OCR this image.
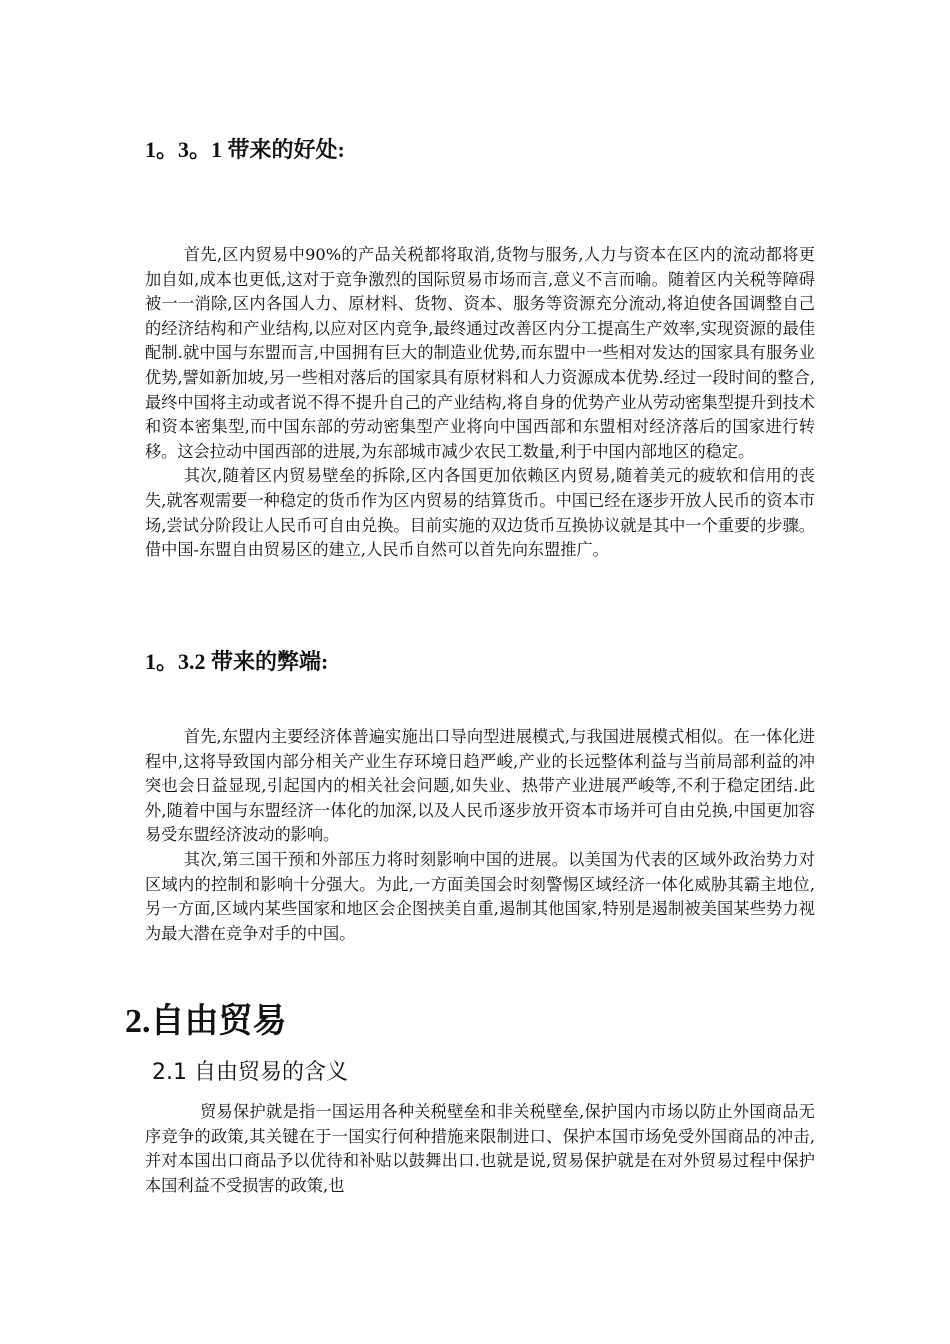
1。3。1 带来的好处:

首先,区内贸易中90%的产品关税都将取消,货物与服务,人力与资本在区内的流动都将更加自如,成本也更低,这对于竞争激烈的国际贸易市场而言,意义不言而喻。随着区内关税等障碍被一一消除,区内各国人力、原材料、货物、资本、服务等资源充分流动,将迫使各国调整自己的经济结构和产业结构,以应对区内竞争,最终通过改善区内分工提高生产效率,实现资源的最佳配制.就中国与东盟而言,中国拥有巨大的制造业优势,而东盟中一些相对发达的国家具有服务业优势,譬如新加坡,另一些相对落后的国家具有原材料和人力资源成本优势.经过一段时间的整合,最终中国将主动或者说不得不提升自己的产业结构,将自身的优势产业从劳动密集型提升到技术和资本密集型,而中国东部的劳动密集型产业将向中国西部和东盟相对经济落后的国家进行转移。这会拉动中国西部的进展,为东部城市减少农民工数量,利于中国内部地区的稳定。

其次,随着区内贸易壁垒的拆除,区内各国更加依赖区内贸易,随着美元的疲软和信用的丧失,就客观需要一种稳定的货币作为区内贸易的结算货币。中国已经在逐步开放人民币的资本市场,尝试分阶段让人民币可自由兑换。目前实施的双边货币互换协议就是其中一个重要的步骤。借中国-东盟自由贸易区的建立,人民币自然可以首先向东盟推广。

1。3.2 带来的弊端:

首先,东盟内主要经济体普遍实施出口导向型进展模式,与我国进展模式相似。在一体化进程中,这将导致国内部分相关产业生存环境日趋严峻,产业的长远整体利益与当前局部利益的冲突也会日益显现,引起国内的相关社会问题,如失业、热带产业进展严峻等,不利于稳定团结.此外,随着中国与东盟经济一体化的加深,以及人民币逐步放开资本市场并可自由兑换,中国更加容易受东盟经济波动的影响。

其次,第三国干预和外部压力将时刻影响中国的进展。以美国为代表的区域外政治势力对区域内的控制和影响十分强大。为此,一方面美国会时刻警惕区域经济一体化威胁其霸主地位,另一方面,区域内某些国家和地区会企图挟美自重,遏制其他国家,特别是遏制被美国某些势力视为最大潜在竞争对手的中国。

2.自由贸易
2.1 自由贸易的含义

贸易保护就是指一国运用各种关税壁垒和非关税壁垒,保护国内市场以防止外国商品无序竞争的政策,其关键在于一国实行何种措施来限制进口、保护本国市场免受外国商品的冲击,并对本国出口商品予以优待和补贴以鼓舞出口.也就是说,贸易保护就是在对外贸易过程中保护本国利益不受损害的政策,也
